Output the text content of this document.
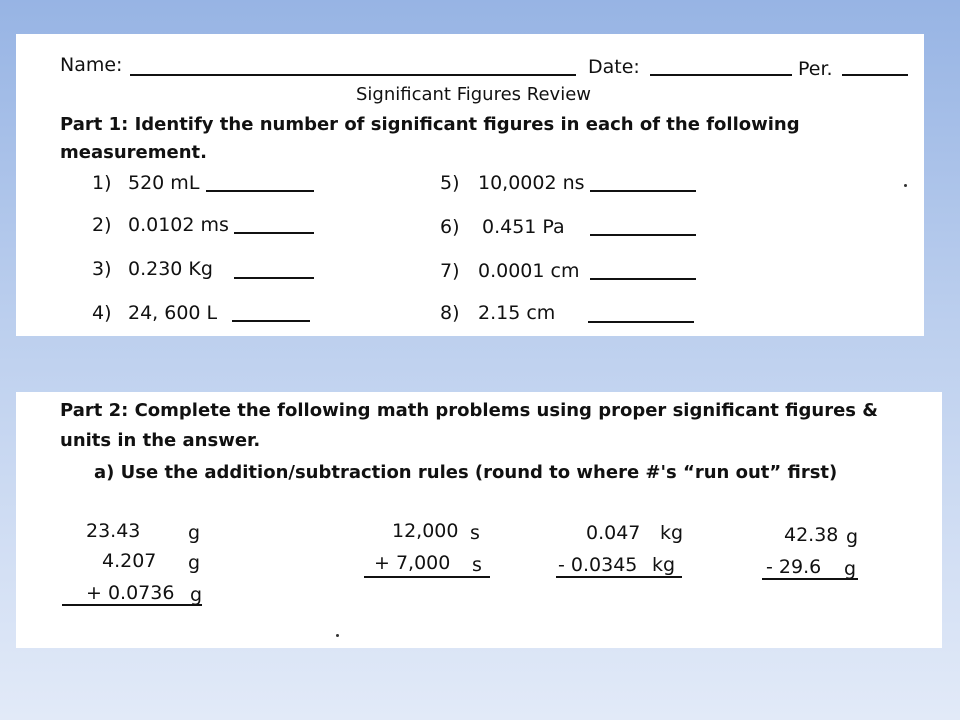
Name:	Date:	Per.
Significant Figures Review
Part 1: Identify the number of significant figures in each of the following
measurement.
1) 520 mL
2) 0.0102 ms
3) 0.230 Kg
4) 24, 600 L
5) 10,0002 ns
6) 0.451 Pa
7) 0.0001 cm
8) 2.15 cm
Part 2: Complete the following math problems using proper significant figures &
units in the answer.
a) Use the addition/subtraction rules (round to where #'s “run out” first)
23.43	g
4.207 g
+ 0.0736 g
12,000 s
+ 7,000 s
0.047 kg
- 0.0345 kg
42.38 g
- 29.6 g
